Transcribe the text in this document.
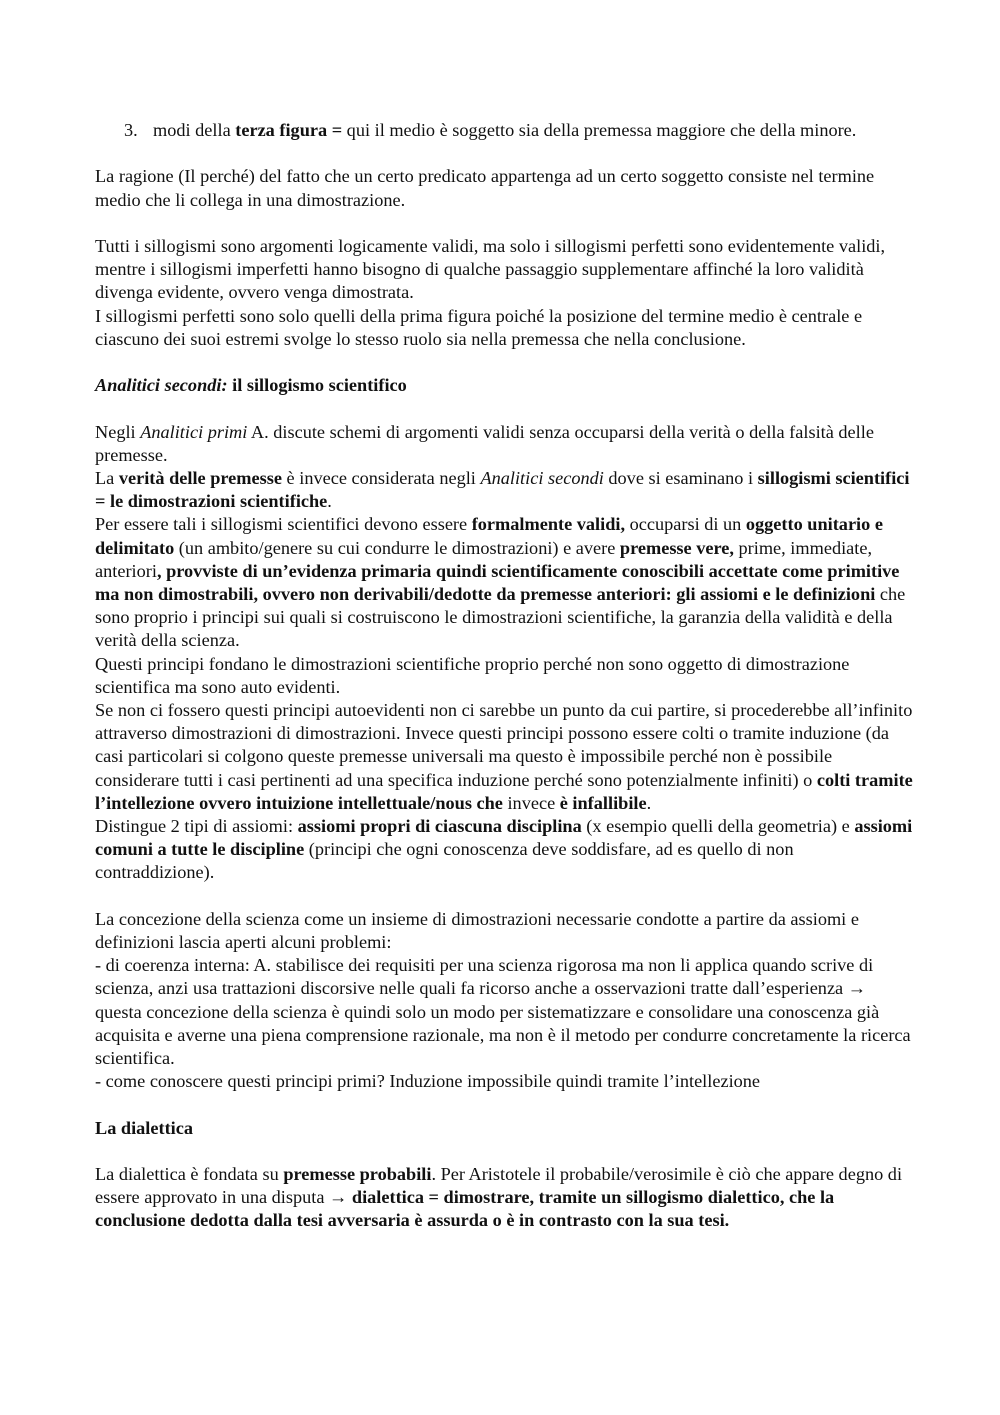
3. modi della terza figura = qui il medio è soggetto sia della premessa maggiore che della minore.

La ragione (Il perché) del fatto che un certo predicato appartenga ad un certo soggetto consiste nel termine medio che li collega in una dimostrazione.

Tutti i sillogismi sono argomenti logicamente validi, ma solo i sillogismi perfetti sono evidentemente validi, mentre i sillogismi imperfetti hanno bisogno di qualche passaggio supplementare affinché la loro validità divenga evidente, ovvero venga dimostrata.

I sillogismi perfetti sono solo quelli della prima figura poiché la posizione del termine medio è centrale e ciascuno dei suoi estremi svolge lo stesso ruolo sia nella premessa che nella conclusione.

Analitici secondi: il sillogismo scientifico

Negli Analitici primi A. discute schemi di argomenti validi senza occuparsi della verità o della falsità delle premesse.

La verità delle premesse è invece considerata negli Analitici secondi dove si esaminano i sillogismi scientifici = le dimostrazioni scientifiche.

Per essere tali i sillogismi scientifici devono essere formalmente validi, occuparsi di un oggetto unitario e delimitato (un ambito/genere su cui condurre le dimostrazioni) e avere premesse vere, prime, immediate, anteriori, provviste di un’evidenza primaria quindi scientificamente conoscibili accettate come primitive ma non dimostrabili, ovvero non derivabili/dedotte da premesse anteriori: gli assiomi e le definizioni che sono proprio i principi sui quali si costruiscono le dimostrazioni scientifiche, la garanzia della validità e della verità della scienza.

Questi principi fondano le dimostrazioni scientifiche proprio perché non sono oggetto di dimostrazione scientifica ma sono auto evidenti.

Se non ci fossero questi principi autoevidenti non ci sarebbe un punto da cui partire, si procederebbe all’infinito attraverso dimostrazioni di dimostrazioni. Invece questi principi possono essere colti o tramite induzione (da casi particolari si colgono queste premesse universali ma questo è impossibile perché non è possibile considerare tutti i casi pertinenti ad una specifica induzione perché sono potenzialmente infiniti) o colti tramite l’intellezione ovvero intuizione intellettuale/nous che invece è infallibile.

Distingue 2 tipi di assiomi: assiomi propri di ciascuna disciplina (x esempio quelli della geometria) e assiomi comuni a tutte le discipline (principi che ogni conoscenza deve soddisfare, ad es quello di non contraddizione).

La concezione della scienza come un insieme di dimostrazioni necessarie condotte a partire da assiomi e definizioni lascia aperti alcuni problemi:

- di coerenza interna: A. stabilisce dei requisiti per una scienza rigorosa ma non li applica quando scrive di scienza, anzi usa trattazioni discorsive nelle quali fa ricorso anche a osservazioni tratte dall’esperienza → questa concezione della scienza è quindi solo un modo per sistematizzare e consolidare una conoscenza già acquisita e averne una piena comprensione razionale, ma non è il metodo per condurre concretamente la ricerca scientifica.

- come conoscere questi principi primi? Induzione impossibile quindi tramite l’intellezione

La dialettica

La dialettica è fondata su premesse probabili. Per Aristotele il probabile/verosimile è ciò che appare degno di essere approvato in una disputa → dialettica = dimostrare, tramite un sillogismo dialettico, che la conclusione dedotta dalla tesi avversaria è assurda o è in contrasto con la sua tesi.
